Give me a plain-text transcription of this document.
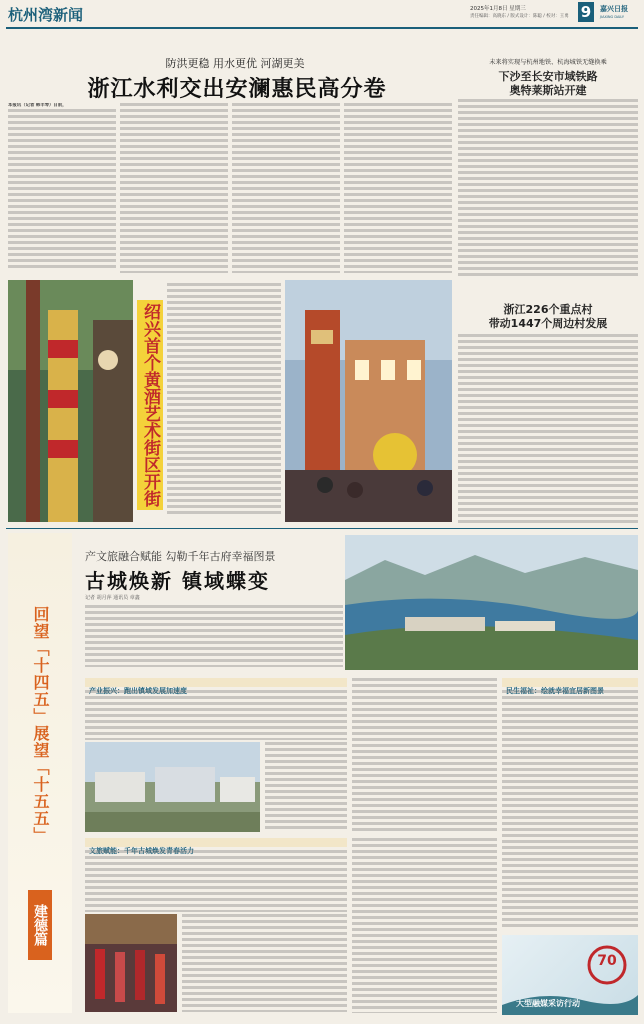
杭州湾新闻	2025年1月8日 星期三
责任编辑：高晓东 / 版式设计：陈聪 / 校对：王勇 9	嘉兴日报
JIAXING DAILY
防洪更稳 用水更优 河湖更美
浙江水利交出安澜惠民高分卷
本报讯（记者 韩丰琴）日前，
未来将实现与杭州地铁、杭海城铁无缝换乘
下沙至长安市域铁路
奥特莱斯站开建
浙江226个重点村
带动1447个周边村发展
绍兴首个黄酒艺术街区开街
回望「十四五」展望「十五五」
建德篇
产文旅融合赋能 勾勒千年古府幸福图景
古城焕新 镇域蝶变
记者 胡月萍 通讯员 章鑫
产业振兴：跑出镇域发展加速度
文旅赋能：千年古城焕发青春活力
民生福祉：绘就幸福宜居新图景
70
大型融媒采访行动
